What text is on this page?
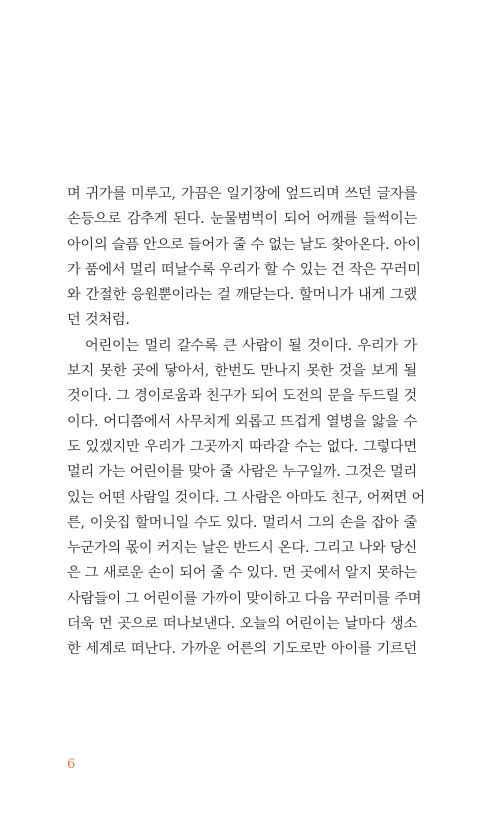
며 귀가를 미루고, 가끔은 일기장에 엎드리며 쓰던 글자를
손등으로 감추게 된다. 눈물범벅이 되어 어깨를 들썩이는
아이의 슬픔 안으로 들어가 줄 수 없는 날도 찾아온다. 아이
가 품에서 멀리 떠날수록 우리가 할 수 있는 건 작은 꾸러미
와 간절한 응원뿐이라는 걸 깨닫는다. 할머니가 내게 그랬
던 것처럼.
어린이는 멀리 갈수록 큰 사람이 될 것이다. 우리가 가
보지 못한 곳에 닿아서, 한번도 만나지 못한 것을 보게 될
것이다. 그 경이로움과 친구가 되어 도전의 문을 두드릴 것
이다. 어디쯤에서 사무치게 외롭고 뜨겁게 열병을 앓을 수
도 있겠지만 우리가 그곳까지 따라갈 수는 없다. 그렇다면
멀리 가는 어린이를 맞아 줄 사람은 누구일까. 그것은 멀리
있는 어떤 사람일 것이다. 그 사람은 아마도 친구, 어쩌면 어
른, 이웃집 할머니일 수도 있다. 멀리서 그의 손을 잡아 줄
누군가의 몫이 커지는 날은 반드시 온다. 그리고 나와 당신
은 그 새로운 손이 되어 줄 수 있다. 먼 곳에서 알지 못하는
사람들이 그 어린이를 가까이 맞이하고 다음 꾸러미를 주며
더욱 먼 곳으로 떠나보낸다. 오늘의 어린이는 날마다 생소
한 세계로 떠난다. 가까운 어른의 기도로만 아이를 기르던
6
